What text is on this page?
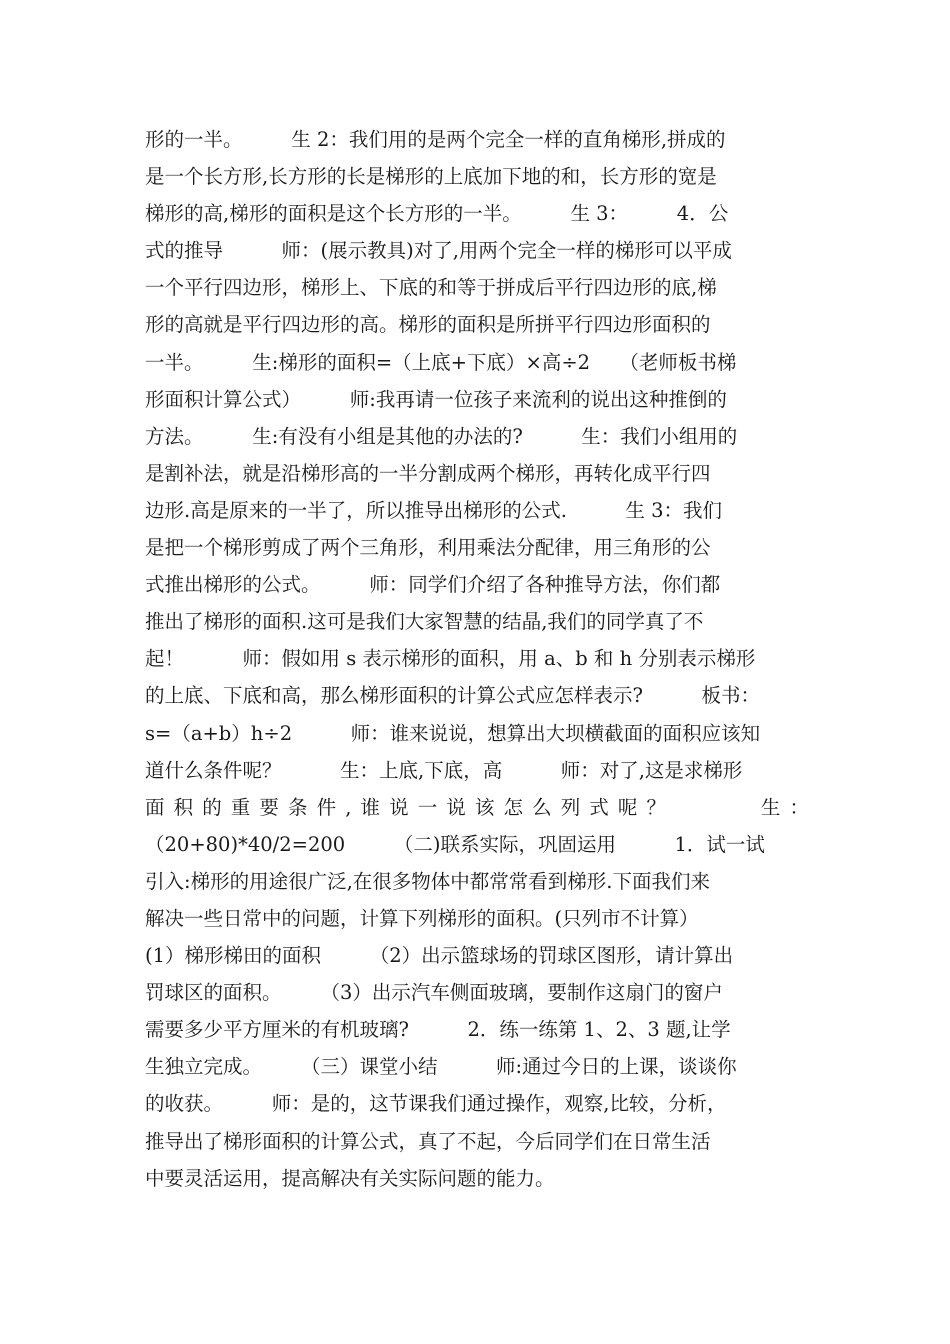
形的一半。　　　生 2：我们用的是两个完全一样的直角梯形,拼成的
是一个长方形,长方形的长是梯形的上底加下地的和，长方形的宽是
梯形的高,梯形的面积是这个长方形的一半。　　　生 3：　　　4．公
式的推导　　　师：(展示教具)对了,用两个完全一样的梯形可以平成
一个平行四边形，梯形上、下底的和等于拼成后平行四边形的底,梯
形的高就是平行四边形的高。梯形的面积是所拼平行四边形面积的
一半。　　　生:梯形的面积=（上底+下底）×高÷2　　（老师板书梯
形面积计算公式）　　　师:我再请一位孩子来流利的说出这种推倒的
方法。　　　生:有没有小组是其他的办法的?　　　生：我们小组用的
是割补法，就是沿梯形高的一半分割成两个梯形，再转化成平行四
边形.高是原来的一半了，所以推导出梯形的公式.　　　生 3：我们
是把一个梯形剪成了两个三角形，利用乘法分配律，用三角形的公
式推出梯形的公式。　　　师：同学们介绍了各种推导方法，你们都
推出了梯形的面积.这可是我们大家智慧的结晶,我们的同学真了不
起！　　　师：假如用 s 表示梯形的面积，用 a、b 和 h 分别表示梯形
的上底、下底和高，那么梯形面积的计算公式应怎样表示?　　　板书：
s=（a+b）h÷2　　　师：谁来说说，想算出大坝横截面的面积应该知
道什么条件呢？　　　生：上底,下底，高　　　师：对了,这是求梯形
面积的重要条件,谁说一说该怎么列式呢？　　　生：
（20+80)*40/2=200　　　（二)联系实际，巩固运用　　　1．试一试
引入:梯形的用途很广泛,在很多物体中都常常看到梯形.下面我们来
解决一些日常中的问题，计算下列梯形的面积。(只列市不计算）
(1）梯形梯田的面积　　　（2）出示篮球场的罚球区图形，请计算出
罚球区的面积。　　　（3）出示汽车侧面玻璃，要制作这扇门的窗户
需要多少平方厘米的有机玻璃?　　　2．练一练第 1、2、3 题,让学
生独立完成。　　　（三）课堂小结　　　师:通过今日的上课，谈谈你
的收获。　　　师：是的，这节课我们通过操作，观察,比较，分析，
推导出了梯形面积的计算公式，真了不起，今后同学们在日常生活
中要灵活运用，提高解决有关实际问题的能力。
